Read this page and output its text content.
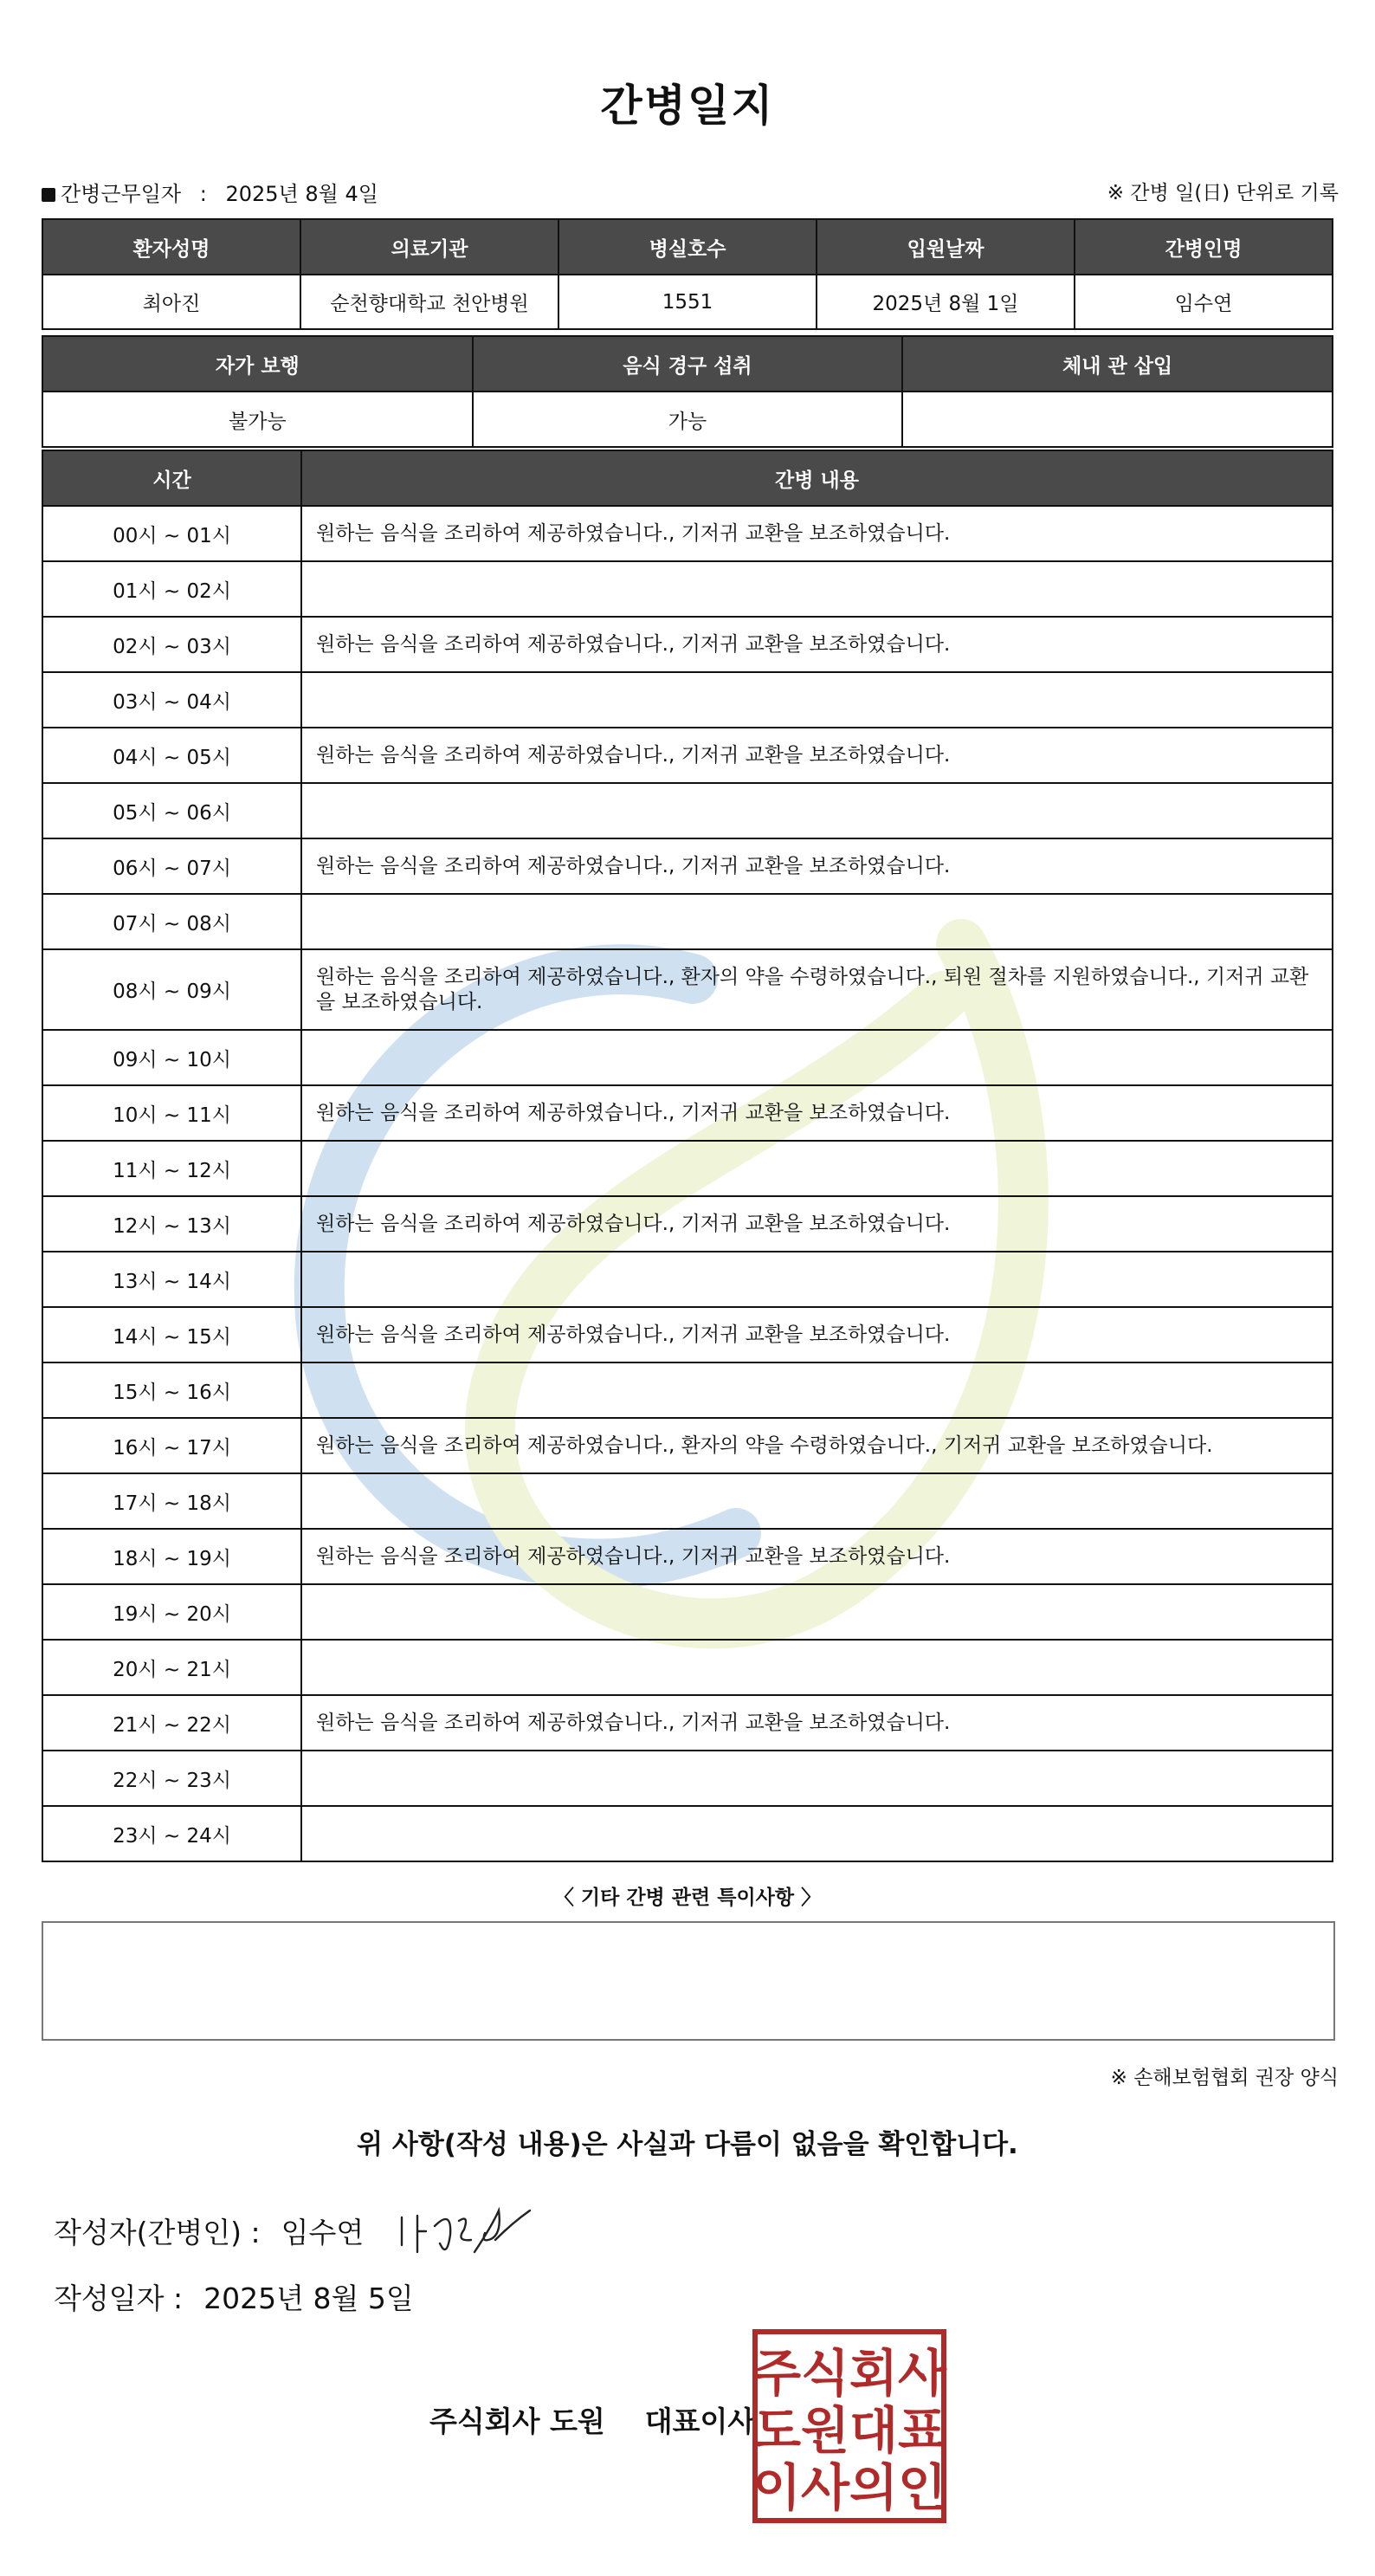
간병일지
간병근무일자 : 2025년 8월 4일	※ 간병 일(日) 단위로 기록
환자성명	의료기관	병실호수	입원날짜	간병인명
최아진	순천향대학교 천안병원	1551	2025년 8월 1일	임수연
자가 보행	음식 경구 섭취	체내 관 삽입
불가능	가능	
시간	간병 내용
00시 ~ 01시	원하는 음식을 조리하여 제공하였습니다., 기저귀 교환을 보조하였습니다.
01시 ~ 02시	
02시 ~ 03시	원하는 음식을 조리하여 제공하였습니다., 기저귀 교환을 보조하였습니다.
03시 ~ 04시	
04시 ~ 05시	원하는 음식을 조리하여 제공하였습니다., 기저귀 교환을 보조하였습니다.
05시 ~ 06시	
06시 ~ 07시	원하는 음식을 조리하여 제공하였습니다., 기저귀 교환을 보조하였습니다.
07시 ~ 08시	
08시 ~ 09시	원하는 음식을 조리하여 제공하였습니다., 환자의 약을 수령하였습니다., 퇴원 절차를 지원하였습니다., 기저귀 교환을 보조하였습니다.
09시 ~ 10시	
10시 ~ 11시	원하는 음식을 조리하여 제공하였습니다., 기저귀 교환을 보조하였습니다.
11시 ~ 12시	
12시 ~ 13시	원하는 음식을 조리하여 제공하였습니다., 기저귀 교환을 보조하였습니다.
13시 ~ 14시	
14시 ~ 15시	원하는 음식을 조리하여 제공하였습니다., 기저귀 교환을 보조하였습니다.
15시 ~ 16시	
16시 ~ 17시	원하는 음식을 조리하여 제공하였습니다., 환자의 약을 수령하였습니다., 기저귀 교환을 보조하였습니다.
17시 ~ 18시	
18시 ~ 19시	원하는 음식을 조리하여 제공하였습니다., 기저귀 교환을 보조하였습니다.
19시 ~ 20시	
20시 ~ 21시	
21시 ~ 22시	원하는 음식을 조리하여 제공하였습니다., 기저귀 교환을 보조하였습니다.
22시 ~ 23시	
23시 ~ 24시	
〈 기타 간병 관련 특이사항 〉
※ 손해보험협회 권장 양식
위 사항(작성 내용)은 사실과 다름이 없음을 확인합니다.
작성자(간병인) : 임수연
작성일자 : 2025년 8월 5일
주식회사 도원    대표이사
주식회사
도원대표
이사의인
